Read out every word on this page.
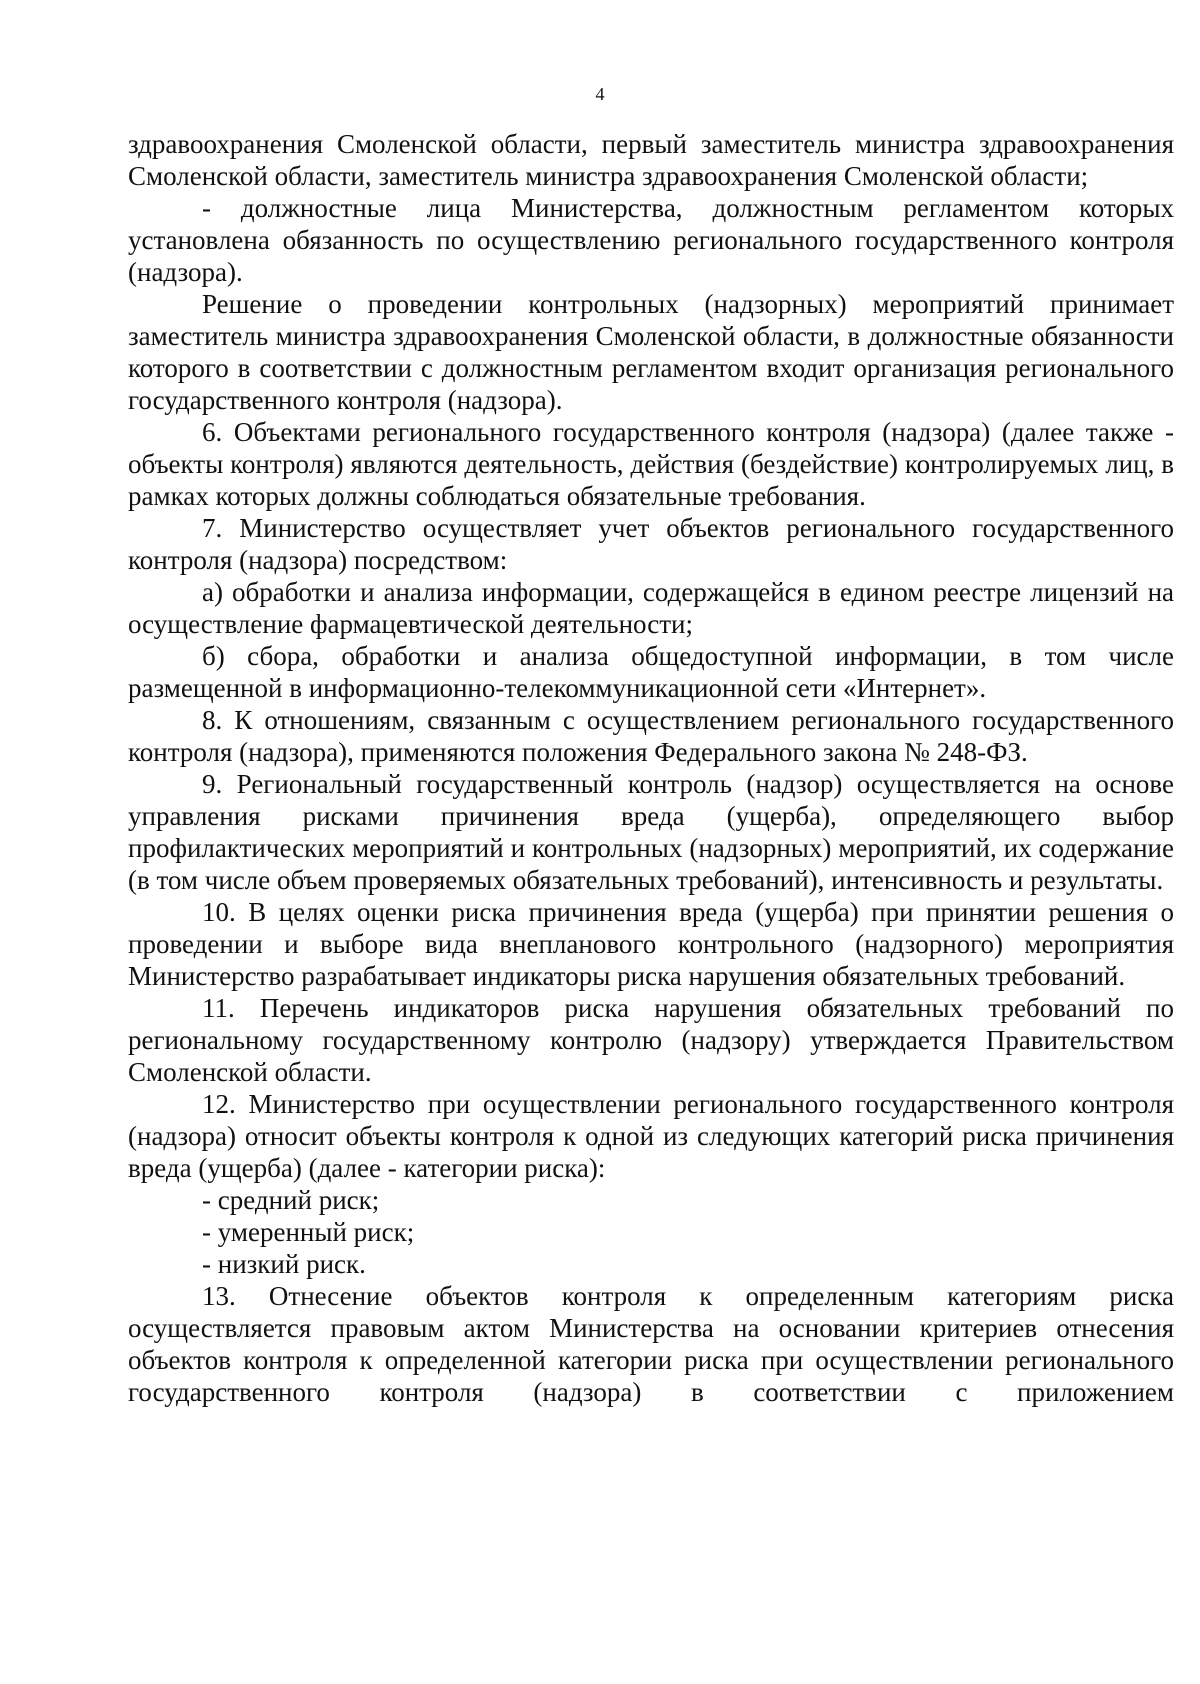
4

здравоохранения Смоленской области, первый заместитель министра здравоохранения Смоленской области, заместитель министра здравоохранения Смоленской области;

- должностные лица Министерства, должностным регламентом которых установлена обязанность по осуществлению регионального государственного контроля (надзора).

Решение о проведении контрольных (надзорных) мероприятий принимает заместитель министра здравоохранения Смоленской области, в должностные обязанности которого в соответствии с должностным регламентом входит организация регионального государственного контроля (надзора).

6. Объектами регионального государственного контроля (надзора) (далее также - объекты контроля) являются деятельность, действия (бездействие) контролируемых лиц, в рамках которых должны соблюдаться обязательные требования.

7. Министерство осуществляет учет объектов регионального государственного контроля (надзора) посредством:

а) обработки и анализа информации, содержащейся в едином реестре лицензий на осуществление фармацевтической деятельности;

б) сбора, обработки и анализа общедоступной информации, в том числе размещенной в информационно-телекоммуникационной сети «Интернет».

8. К отношениям, связанным с осуществлением регионального государственного контроля (надзора), применяются положения Федерального закона № 248-ФЗ.

9. Региональный государственный контроль (надзор) осуществляется на основе управления рисками причинения вреда (ущерба), определяющего выбор профилактических мероприятий и контрольных (надзорных) мероприятий, их содержание (в том числе объем проверяемых обязательных требований), интенсивность и результаты.

10. В целях оценки риска причинения вреда (ущерба) при принятии решения о проведении и выборе вида внепланового контрольного (надзорного) мероприятия Министерство разрабатывает индикаторы риска нарушения обязательных требований.

11. Перечень индикаторов риска нарушения обязательных требований по региональному государственному контролю (надзору) утверждается Правительством Смоленской области.

12. Министерство при осуществлении регионального государственного контроля (надзора) относит объекты контроля к одной из следующих категорий риска причинения вреда (ущерба) (далее - категории риска):

- средний риск;

- умеренный риск;

- низкий риск.

13. Отнесение объектов контроля к определенным категориям риска осуществляется правовым актом Министерства на основании критериев отнесения объектов контроля к определенной категории риска при осуществлении регионального государственного контроля (надзора) в соответствии с приложением
